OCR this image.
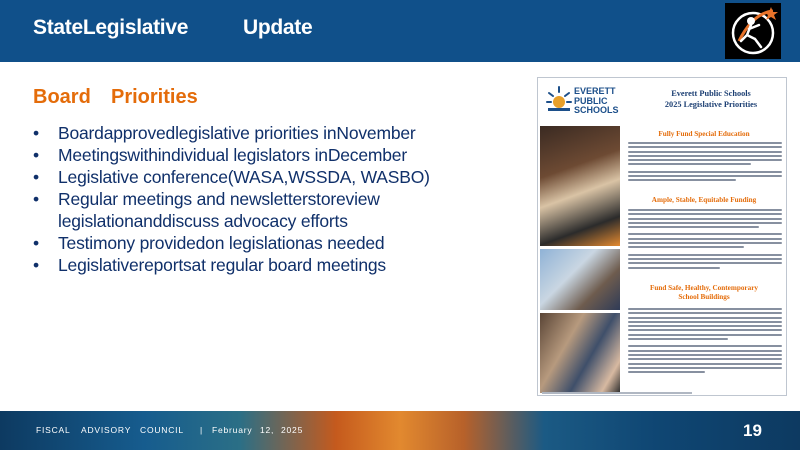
StateLegislative	Update
Board Priorities
• Boardapprovedlegislative priorities inNovember
• Meetingswithindividual legislators inDecember
• Legislative conference(WASA,WSSDA, WASBO)
• Regular meetings and newsletterstoreview legislationanddiscuss advocacy efforts
• Testimony providedon legislationas needed
• Legislativereportsat regular board meetings
EVERETT
PUBLIC
SCHOOLS
Everett Public Schools
2025 Legislative Priorities
Fully Fund Special Education
Ample, Stable, Equitable Funding
Fund Safe, Healthy, Contemporary
School Buildings
FISCAL ADVISORY COUNCIL | February 12, 2025	19
